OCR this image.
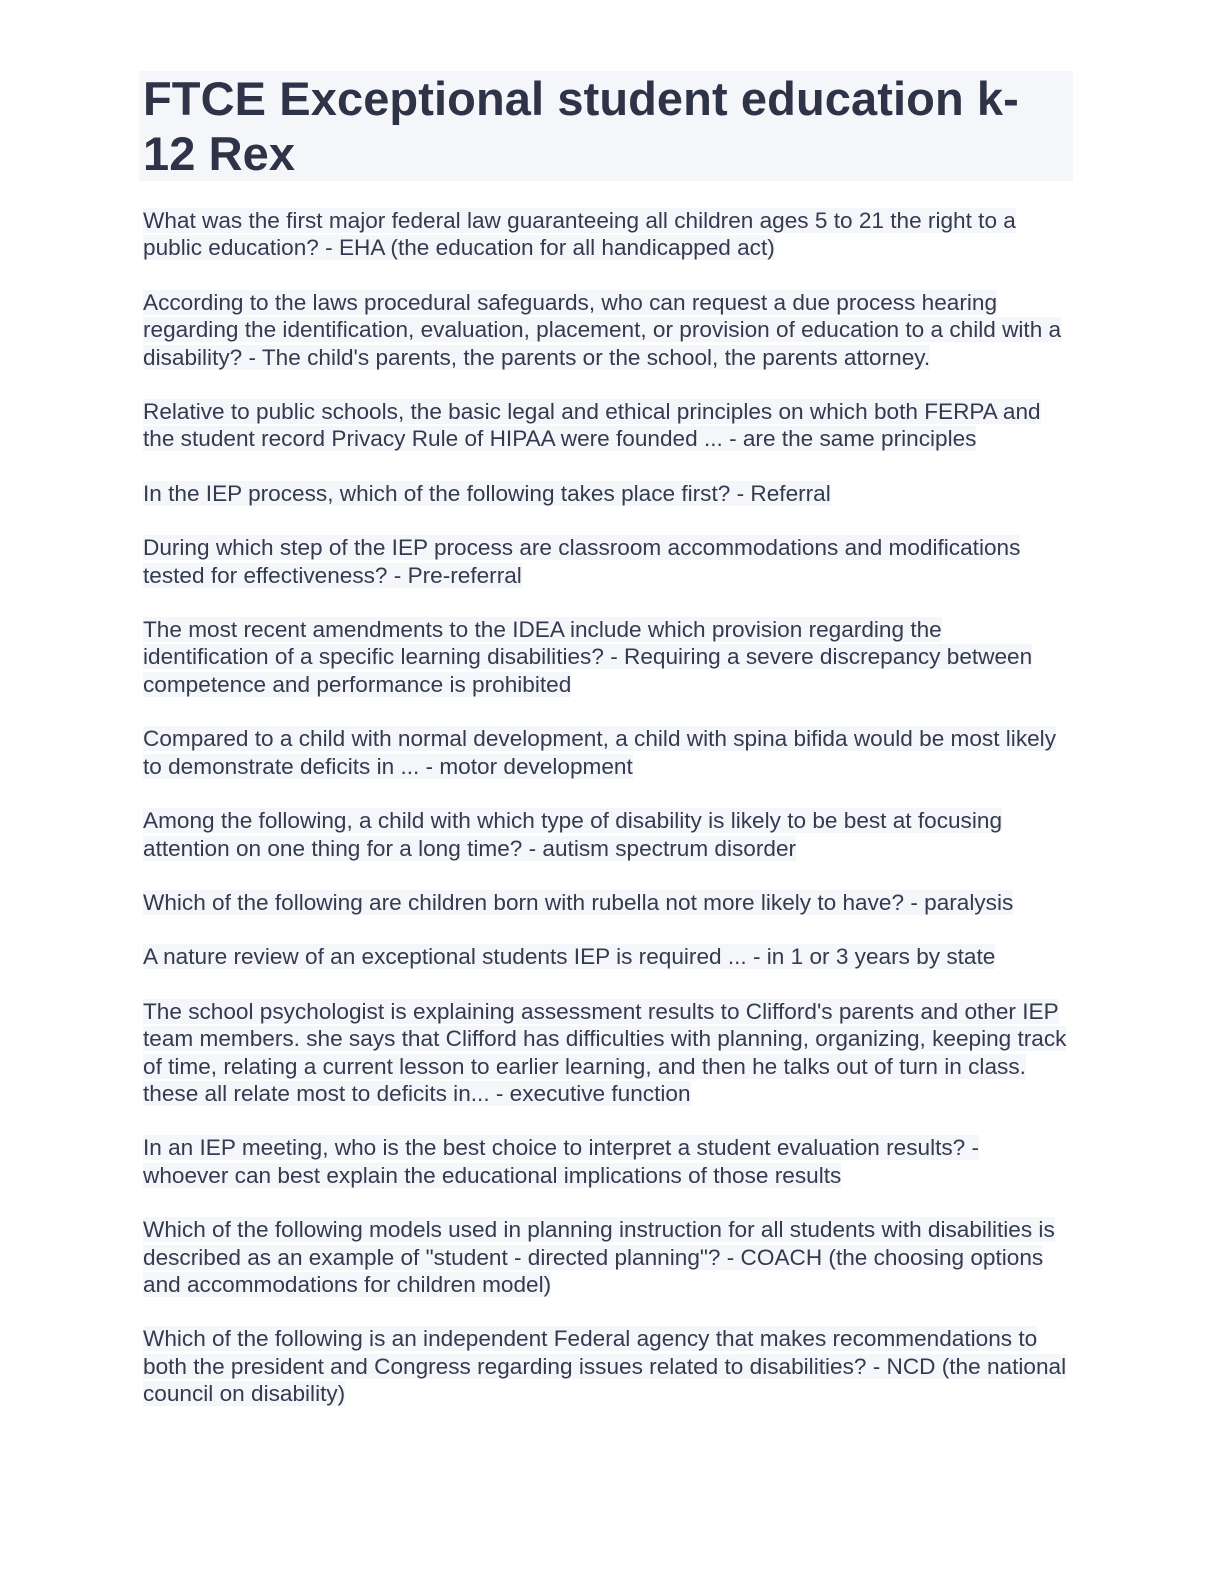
FTCE Exceptional student education k-12 Rex
What was the first major federal law guaranteeing all children ages 5 to 21 the right to a public education? - EHA (the education for all handicapped act)
According to the laws procedural safeguards, who can request a due process hearing regarding the identification, evaluation, placement, or provision of education to a child with a disability? - The child's parents, the parents or the school, the parents attorney.
Relative to public schools, the basic legal and ethical principles on which both FERPA and the student record Privacy Rule of HIPAA were founded ... - are the same principles
In the IEP process, which of the following takes place first? - Referral
During which step of the IEP process are classroom accommodations and modifications tested for effectiveness? - Pre-referral
The most recent amendments to the IDEA include which provision regarding the identification of a specific learning disabilities? - Requiring a severe discrepancy between competence and performance is prohibited
Compared to a child with normal development, a child with spina bifida would be most likely to demonstrate deficits in ... - motor development
Among the following, a child with which type of disability is likely to be best at focusing attention on one thing for a long time? - autism spectrum disorder
Which of the following are children born with rubella not more likely to have? - paralysis
A nature review of an exceptional students IEP is required ... - in 1 or 3 years by state
The school psychologist is explaining assessment results to Clifford's parents and other IEP team members. she says that Clifford has difficulties with planning, organizing, keeping track of time, relating a current lesson to earlier learning, and then he talks out of turn in class. these all relate most to deficits in... - executive function
In an IEP meeting, who is the best choice to interpret a student evaluation results? - whoever can best explain the educational implications of those results
Which of the following models used in planning instruction for all students with disabilities is described as an example of "student - directed planning"? - COACH (the choosing options and accommodations for children model)
Which of the following is an independent Federal agency that makes recommendations to both the president and Congress regarding issues related to disabilities? - NCD (the national council on disability)
